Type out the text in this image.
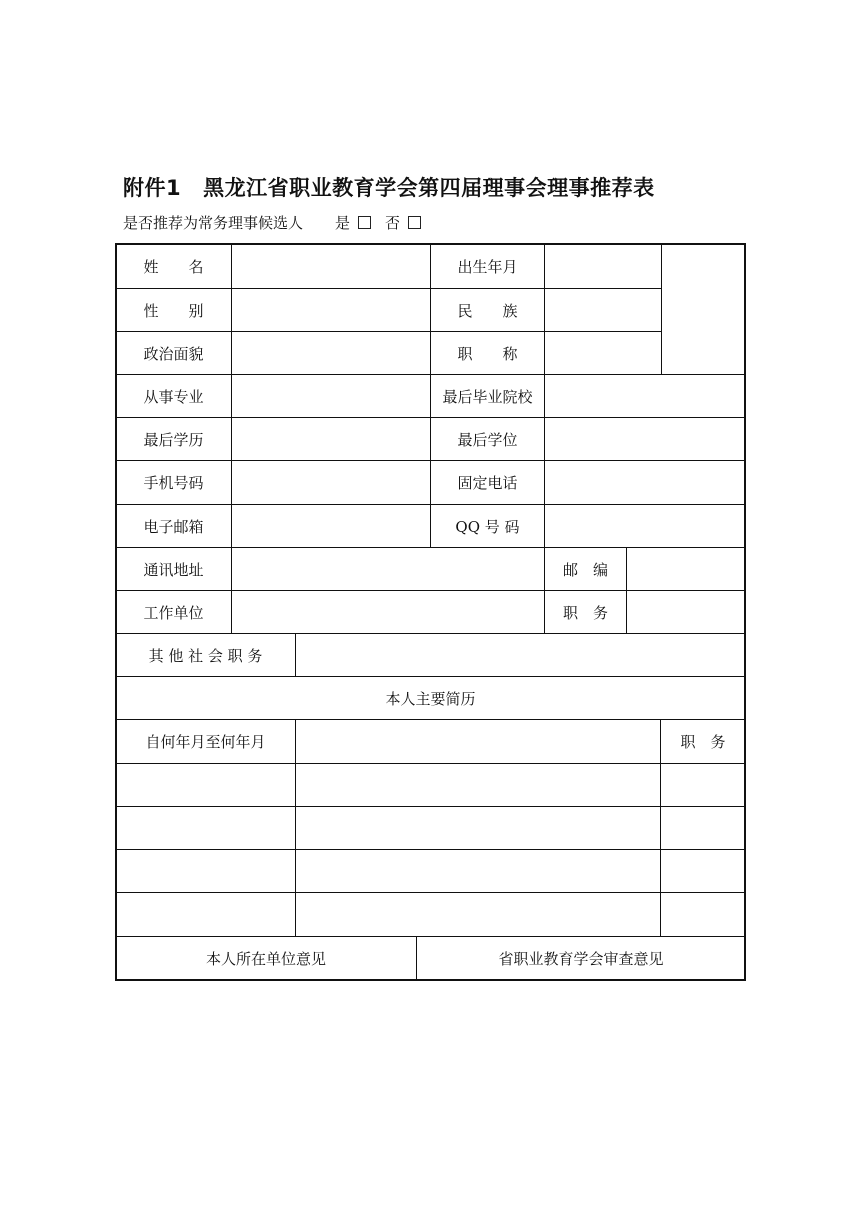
附件1 黑龙江省职业教育学会第四届理事会理事推荐表
是否推荐为常务理事候选人 是 否
姓　　名	出生年月
性　　别	民　　族
政治面貌	职　　称
从事专业	最后毕业院校
最后学历	最后学位
手机号码	固定电话
电子邮箱	QQ 号 码
通讯地址	邮　编
工作单位	职　务
其 他 社 会 职 务
本人主要简历
自何年月至何年月	职　务
本人所在单位意见	省职业教育学会审查意见
